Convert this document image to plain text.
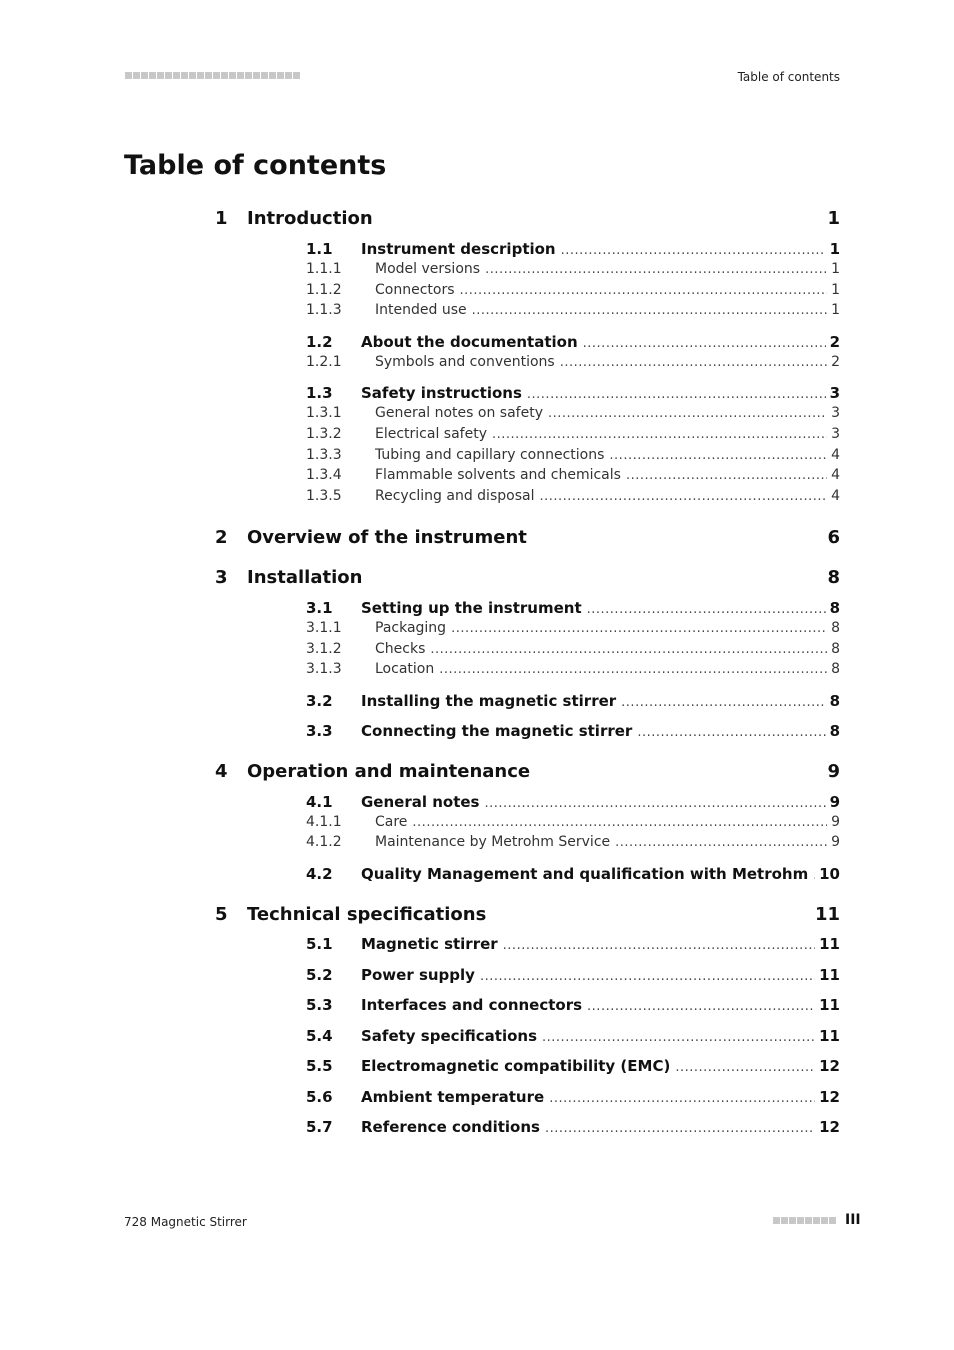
Table of contents
Table of contents
1 Introduction	1
1.1 Instrument description .....	1
1.1.1 Model versions .....	1
1.1.2 Connectors .....	1
1.1.3 Intended use .....	1
1.2 About the documentation .....	2
1.2.1 Symbols and conventions .....	2
1.3 Safety instructions .....	3
1.3.1 General notes on safety .....	3
1.3.2 Electrical safety .....	3
1.3.3 Tubing and capillary connections .....	4
1.3.4 Flammable solvents and chemicals .....	4
1.3.5 Recycling and disposal .....	4
2 Overview of the instrument	6
3 Installation	8
3.1 Setting up the instrument .....	8
3.1.1 Packaging .....	8
3.1.2 Checks .....	8
3.1.3 Location .....	8
3.2 Installing the magnetic stirrer .....	8
3.3 Connecting the magnetic stirrer .....	8
4 Operation and maintenance	9
4.1 General notes .....	9
4.1.1 Care .....	9
4.1.2 Maintenance by Metrohm Service .....	9
4.2 Quality Management and qualification with Metrohm ..... 10
5 Technical specifications	11
5.1 Magnetic stirrer .....	11
5.2 Power supply .....	11
5.3 Interfaces and connectors .....	11
5.4 Safety specifications .....	11
5.5 Electromagnetic compatibility (EMC) .....	12
5.6 Ambient temperature .....	12
5.7 Reference conditions .....	12
728 Magnetic Stirrer	III
